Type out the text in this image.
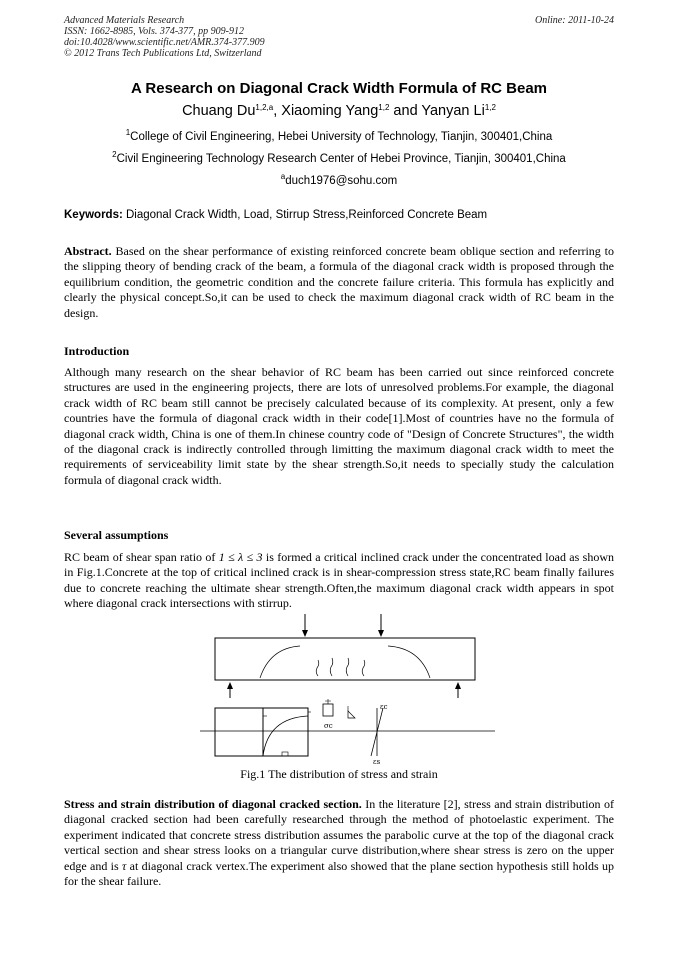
Advanced Materials Research
ISSN: 1662-8985, Vols. 374-377, pp 909-912
doi:10.4028/www.scientific.net/AMR.374-377.909
© 2012 Trans Tech Publications Ltd, Switzerland
Online: 2011-10-24
A Research on Diagonal Crack Width Formula of RC Beam
Chuang Du$^{1,2,a}$, Xiaoming Yang$^{1,2}$ and Yanyan Li$^{1,2}$
$^1$College of Civil Engineering, Hebei University of Technology, Tianjin, 300401,China
$^2$Civil Engineering Technology Research Center of Hebei Province, Tianjin, 300401,China
$^a$duch1976@sohu.com
Keywords: Diagonal Crack Width, Load, Stirrup Stress,Reinforced Concrete Beam
Abstract. Based on the shear performance of existing reinforced concrete beam oblique section and referring to the slipping theory of bending crack of the beam, a formula of the diagonal crack width is proposed through the equilibrium condition, the geometric condition and the concrete failure criteria. This formula has explicitly and clearly the physical concept.So,it can be used to check the maximum diagonal crack width of RC beam in the design.
Introduction
Although many research on the shear behavior of RC beam has been carried out since reinforced concrete structures are used in the engineering projects, there are lots of unresolved problems.For example, the diagonal crack width of RC beam still cannot be precisely calculated because of its complexity. At present, only a few countries have the formula of diagonal crack width in their code[1].Most of countries have no the formula of diagonal crack width, China is one of them.In chinese country code of "Design of Concrete Structures", the width of the diagonal crack is indirectly controlled through limitting the maximum diagonal crack width to meet the requirements of serviceability limit state by the shear strength.So,it needs to specially study the calculation formula of diagonal crack width.
Several assumptions
RC beam of shear span ratio of 1 ≤ λ ≤ 3 is formed a critical inclined crack under the concentrated load as shown in Fig.1.Concrete at the top of critical inclined crack is in shear-compression stress state,RC beam finally failures due to concrete reaching the ultimate shear strength.Often,the maximum diagonal crack width appears in spot where diagonal crack intersections with stirrup.
σc
εc
εs
Fig.1 The distribution of stress and strain
Stress and strain distribution of diagonal cracked section. In the literature [2], stress and strain distribution of diagonal cracked section had been carefully researched through the method of photoelastic experiment. The experiment indicated that concrete stress distribution assumes the parabolic curve at the top of the diagonal crack vertical section and shear stress looks on a triangular curve distribution,where shear stress is zero on the upper edge and is τ at diagonal crack vertex.The experiment also showed that the plane section hypothesis still holds up for the shear failure.
